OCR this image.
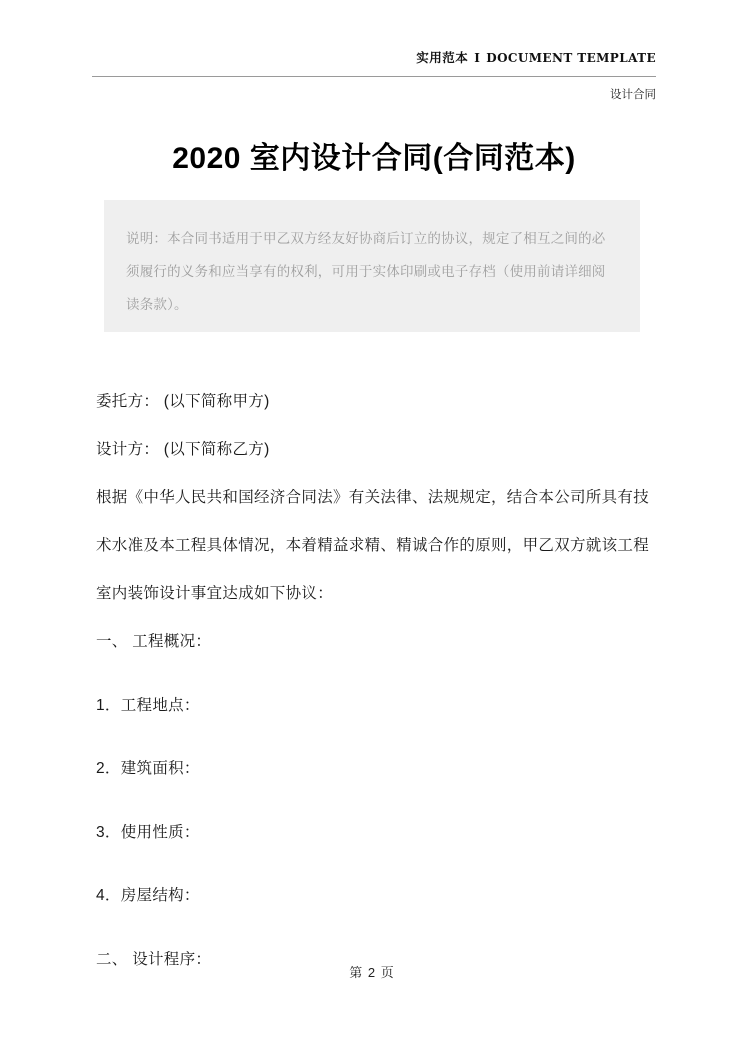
实用范本 I DOCUMENT TEMPLATE
设计合同
2020 室内设计合同(合同范本)
说明：本合同书适用于甲乙双方经友好协商后订立的协议，规定了相互之间的必须履行的义务和应当享有的权利，可用于实体印刷或电子存档（使用前请详细阅读条款）。

委托方： (以下简称甲方)

设计方： (以下简称乙方)

根据《中华人民共和国经济合同法》有关法律、法规规定，结合本公司所具有技术水准及本工程具体情况，本着精益求精、精诚合作的原则，甲乙双方就该工程室内装饰设计事宜达成如下协议：

一、 工程概况：

1．工程地点：

2．建筑面积：

3．使用性质：

4．房屋结构：

二、 设计程序：

第 2 页
